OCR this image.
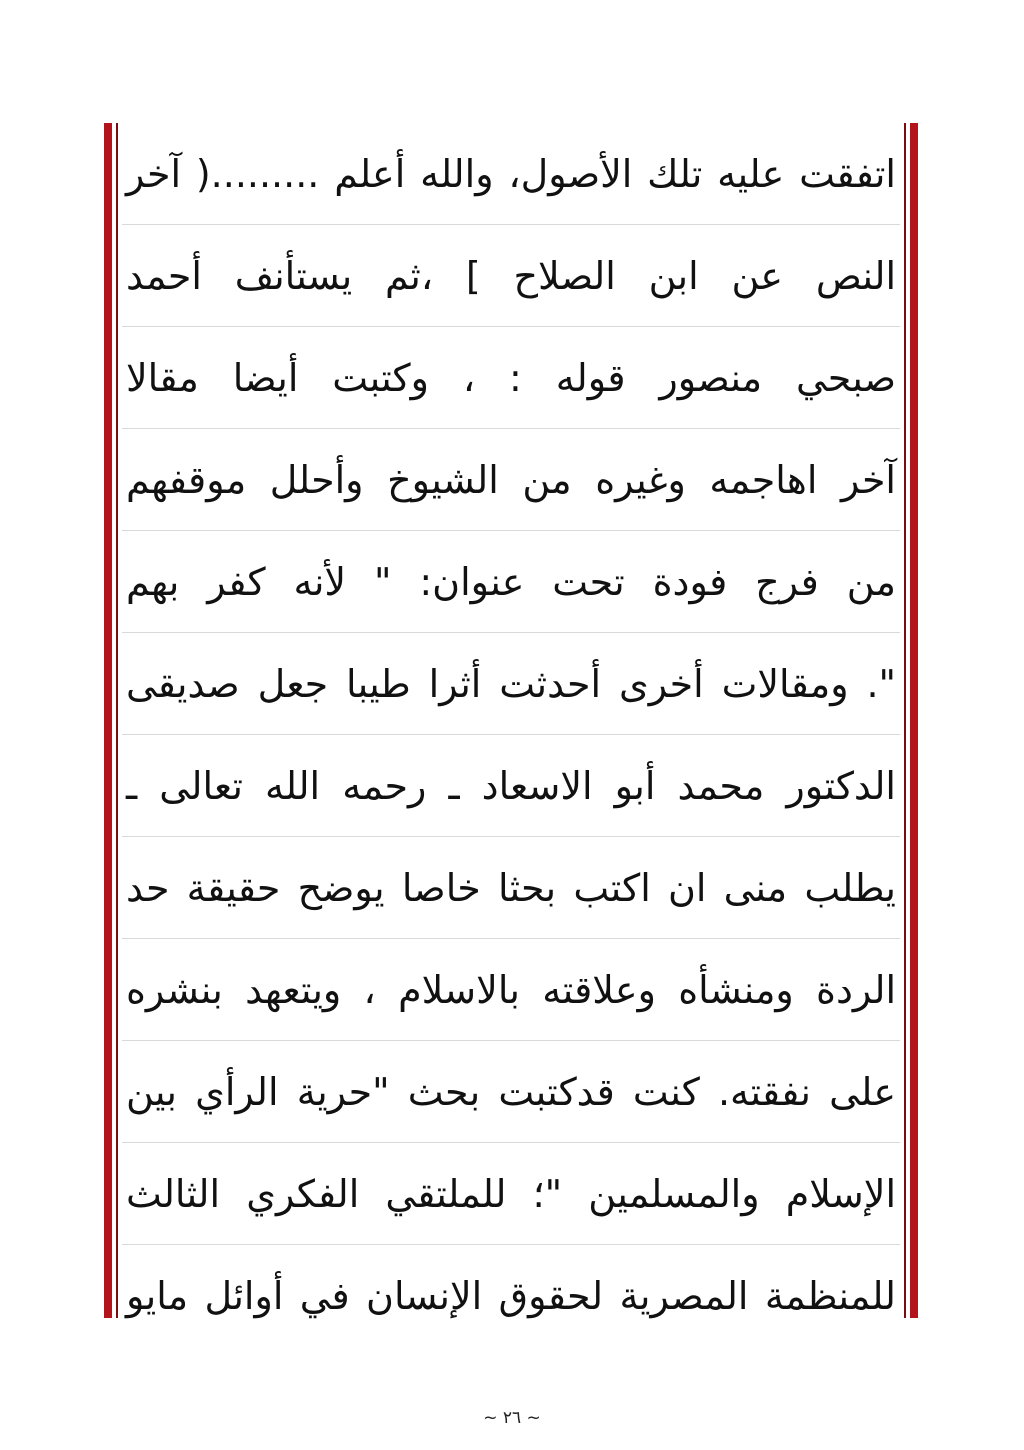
اتفقت عليه تلك الأصول، والله أعلم .........( آخر
النص عن ابن الصلاح ] ،ثم يستأنف أحمد
صبحي منصور قوله : ، وكتبت أيضا مقالا
آخر اهاجمه وغيره من الشيوخ وأحلل موقفهم
من فرج فودة تحت عنوان: " لأنه كفر بهم
". ومقالات أخرى أحدثت أثرا طيبا جعل صديقى
الدكتور محمد أبو الاسعاد ـ رحمه الله تعالى ـ
يطلب منى ان اكتب بحثا خاصا يوضح حقيقة حد
الردة ومنشأه وعلاقته بالاسلام ، ويتعهد بنشره
على نفقته. كنت قدكتبت بحث "حرية الرأي بين
الإسلام والمسلمين "؛ للملتقي الفكري الثالث
للمنظمة المصرية لحقوق الإنسان في أوائل مايو
~ ٢٦ ~
